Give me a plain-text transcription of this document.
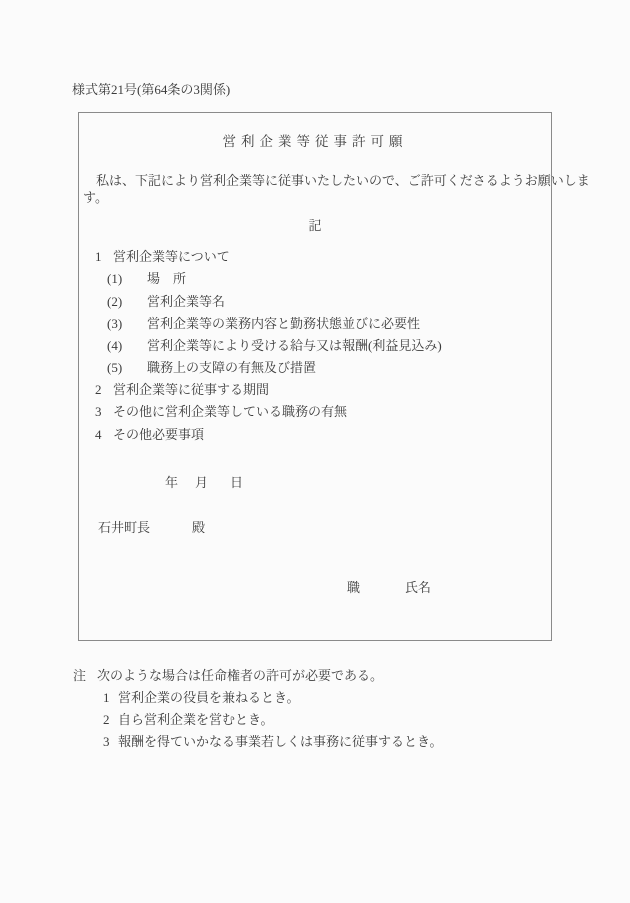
様式第21号(第64条の3関係)
営利企業等従事許可願
　私は、下記により営利企業等に従事いたしたいので、ご許可くださるようお願いしま
す。
記
1 営利企業等について
(1) 場　所
(2) 営利企業等名
(3) 営利企業等の業務内容と勤務状態並びに必要性
(4) 営利企業等により受ける給与又は報酬(利益見込み)
(5) 職務上の支障の有無及び措置
2 営利企業等に従事する期間
3 その他に営利企業等している職務の有無
4 その他必要事項
年 月 日
石井町長	殿
職	氏名
注 次のような場合は任命権者の許可が必要である。
1 営利企業の役員を兼ねるとき。
2 自ら営利企業を営むとき。
3 報酬を得ていかなる事業若しくは事務に従事するとき。
